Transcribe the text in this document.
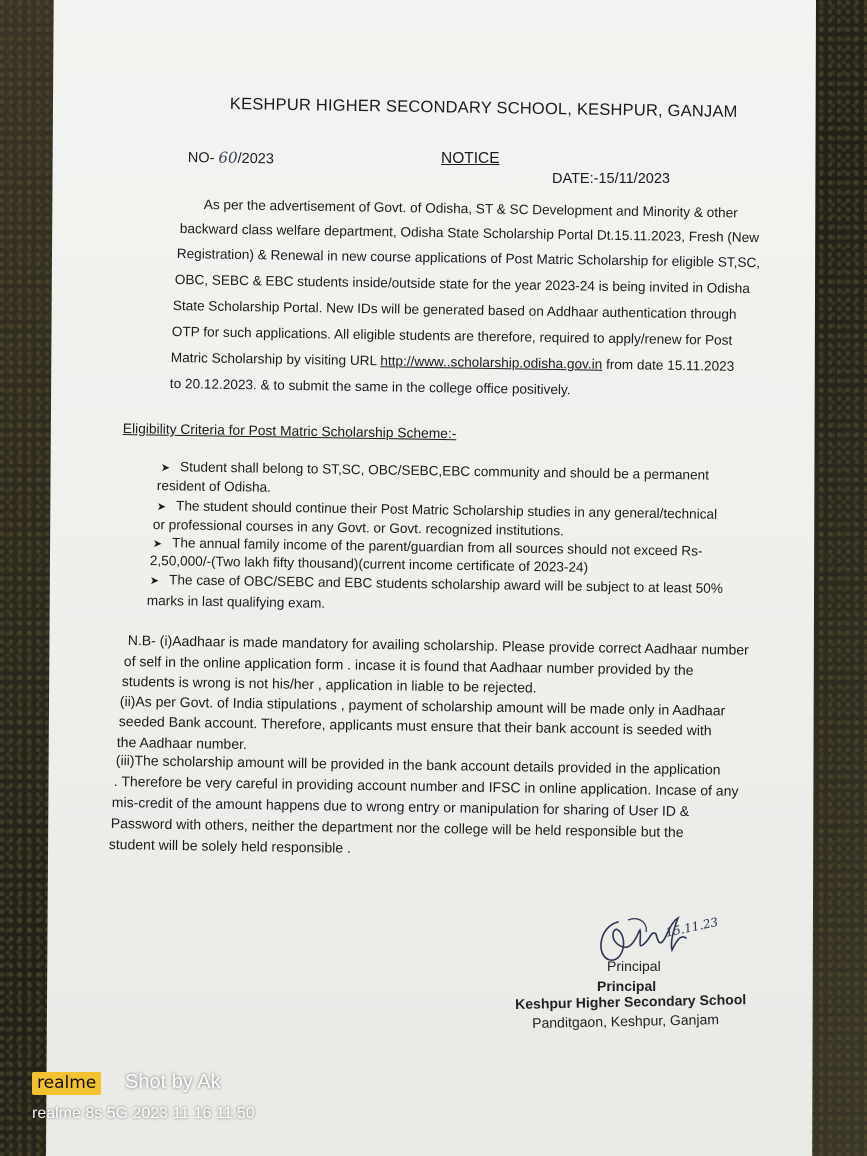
KESHPUR HIGHER SECONDARY SCHOOL, KESHPUR, GANJAM
NO- 60/2023	NOTICE
DATE:-15/11/2023
As per the advertisement of Govt. of Odisha, ST & SC Development and Minority & other
backward class welfare department, Odisha State Scholarship Portal Dt.15.11.2023, Fresh (New
Registration) & Renewal in new course applications of Post Matric Scholarship for eligible ST,SC,
OBC, SEBC & EBC students inside/outside state for the year 2023-24 is being invited in Odisha
State Scholarship Portal. New IDs will be generated based on Addhaar authentication through
OTP for such applications. All eligible students are therefore, required to apply/renew for Post
Matric Scholarship by visiting URL http://www..scholarship.odisha.gov.in from date 15.11.2023
to 20.12.2023. & to submit the same in the college office positively.
Eligibility Criteria for Post Matric Scholarship Scheme:-
➤ Student shall belong to ST,SC, OBC/SEBC,EBC community and should be a permanent
resident of Odisha.
➤ The student should continue their Post Matric Scholarship studies in any general/technical
or professional courses in any Govt. or Govt. recognized institutions.
➤ The annual family income of the parent/guardian from all sources should not exceed Rs-
2,50,000/-(Two lakh fifty thousand)(current income certificate of 2023-24)
➤ The case of OBC/SEBC and EBC students scholarship award will be subject to at least 50%
marks in last qualifying exam.
N.B- (i)Aadhaar is made mandatory for availing scholarship. Please provide correct Aadhaar number
of self in the online application form . incase it is found that Aadhaar number provided by the
students is wrong is not his/her , application in liable to be rejected.
(ii)As per Govt. of India stipulations , payment of scholarship amount will be made only in Aadhaar
seeded Bank account. Therefore, applicants must ensure that their bank account is seeded with
the Aadhaar number.
(iii)The scholarship amount will be provided in the bank account details provided in the application
. Therefore be very careful in providing account number and IFSC in online application. Incase of any
mis-credit of the amount happens due to wrong entry or manipulation for sharing of User ID &
Password with others, neither the department nor the college will be held responsible but the
student will be solely held responsible .
15.11.23
Principal
Principal
Keshpur Higher Secondary School
Panditgaon, Keshpur, Ganjam
realme Shot by Ak
realme 8s 5G 2023 11 16 11:50
